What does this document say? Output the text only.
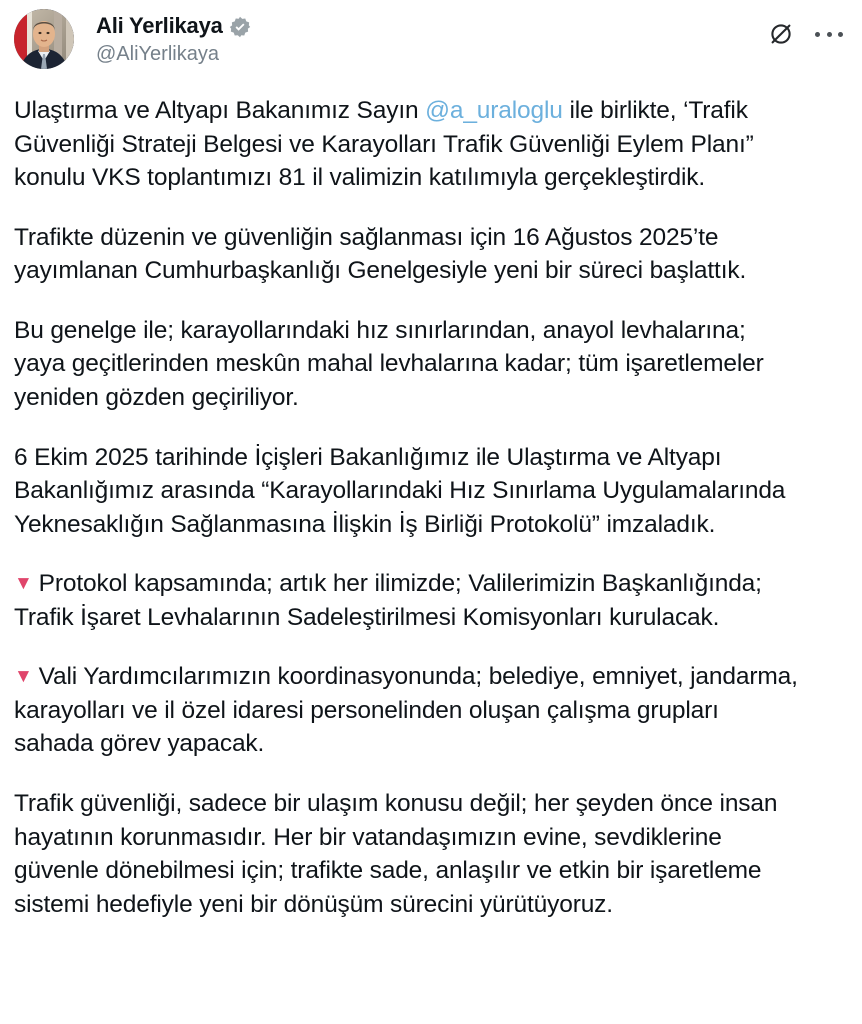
Ali Yerlikaya
@AliYerlikaya

Ulaştırma ve Altyapı Bakanımız Sayın @a_uraloglu ile birlikte, ‘Trafik Güvenliği Strateji Belgesi ve Karayolları Trafik Güvenliği Eylem Planı” konulu VKS toplantımızı 81 il valimizin katılımıyla gerçekleştirdik.

Trafikte düzenin ve güvenliğin sağlanması için 16 Ağustos 2025’te yayımlanan Cumhurbaşkanlığı Genelgesiyle yeni bir süreci başlattık.

Bu genelge ile; karayollarındaki hız sınırlarından, anayol levhalarına; yaya geçitlerinden meskûn mahal levhalarına kadar; tüm işaretlemeler yeniden gözden geçiriliyor.

6 Ekim 2025 tarihinde İçişleri Bakanlığımız ile Ulaştırma ve Altyapı Bakanlığımız arasında “Karayollarındaki Hız Sınırlama Uygulamalarında Yeknesaklığın Sağlanmasına İlişkin İş Birliği Protokolü” imzaladık.

▼ Protokol kapsamında; artık her ilimizde; Valilerimizin Başkanlığında; Trafik İşaret Levhalarının Sadeleştirilmesi Komisyonları kurulacak.

▼ Vali Yardımcılarımızın koordinasyonunda; belediye, emniyet, jandarma, karayolları ve il özel idaresi personelinden oluşan çalışma grupları sahada görev yapacak.

Trafik güvenliği, sadece bir ulaşım konusu değil; her şeyden önce insan hayatının korunmasıdır. Her bir vatandaşımızın evine, sevdiklerine güvenle dönebilmesi için; trafikte sade, anlaşılır ve etkin bir işaretleme sistemi hedefiyle yeni bir dönüşüm sürecini yürütüyoruz.
